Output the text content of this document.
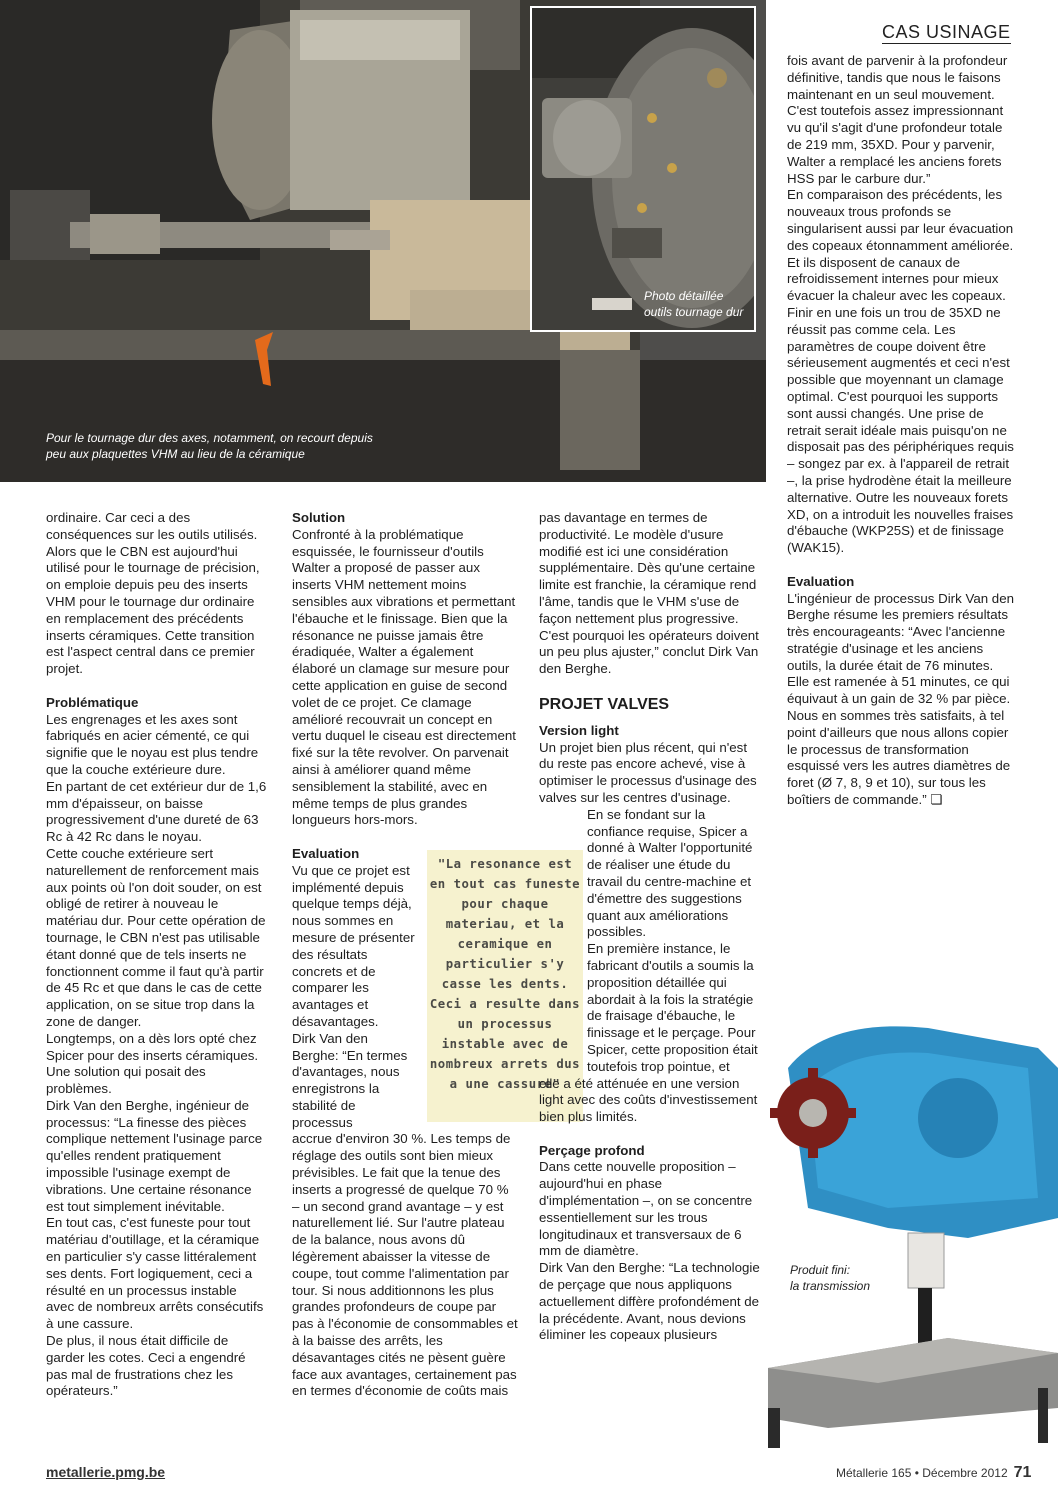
Pour le tournage dur des axes, notamment, on recourt depuis peu aux plaquettes VHM au lieu de la céramique
Photo détaillée
outils tournage dur
CAS USINAGE

fois avant de parvenir à la profondeur définitive, tandis que nous le faisons maintenant en un seul mouvement. C'est toutefois assez impressionnant vu qu'il s'agit d'une profondeur totale de 219 mm, 35XD. Pour y parvenir, Walter a remplacé les anciens forets HSS par le carbure dur.”

En comparaison des précédents, les nouveaux trous profonds se singularisent aussi par leur évacuation des copeaux étonnamment améliorée. Et ils disposent de canaux de refroidissement internes pour mieux évacuer la chaleur avec les copeaux.

Finir en une fois un trou de 35XD ne réussit pas comme cela. Les paramètres de coupe doivent être sérieusement augmentés et ceci n'est possible que moyennant un clamage optimal. C'est pourquoi les supports sont aussi changés. Une prise de retrait serait idéale mais puisqu'on ne disposait pas des périphériques requis – songez par ex. à l'appareil de retrait –, la prise hydrodène était la meilleure alternative. Outre les nouveaux forets XD, on a introduit les nouvelles fraises d'ébauche (WKP25S) et de finissage (WAK15).

Evaluation

L'ingénieur de processus Dirk Van den Berghe résume les premiers résultats très encourageants: “Avec l'ancienne stratégie d'usinage et les anciens outils, la durée était de 76 minutes. Elle est ramenée à 51 minutes, ce qui équivaut à un gain de 32 % par pièce. Nous en sommes très satisfaits, à tel point d'ailleurs que nous allons copier le processus de transformation esquissé vers les autres diamètres de foret (Ø 7, 8, 9 et 10), sur tous les boîtiers de commande.” ❏

ordinaire. Car ceci a des conséquences sur les outils utilisés. Alors que le CBN est aujourd'hui utilisé pour le tournage de précision, on emploie depuis peu des inserts VHM pour le tournage dur ordinaire en remplacement des précédents inserts céramiques. Cette transition est l'aspect central dans ce premier projet.

Problématique

Les engrenages et les axes sont fabriqués en acier cémenté, ce qui signifie que le noyau est plus tendre que la couche extérieure dure.

En partant de cet extérieur dur de 1,6 mm d'épaisseur, on baisse progressivement d'une dureté de 63 Rc à 42 Rc dans le noyau.

Cette couche extérieure sert naturellement de renforcement mais aux points où l'on doit souder, on est obligé de retirer à nouveau le matériau dur. Pour cette opération de tournage, le CBN n'est pas utilisable étant donné que de tels inserts ne fonctionnent comme il faut qu'à partir de 45 Rc et que dans le cas de cette application, on se situe trop dans la zone de danger.

Longtemps, on a dès lors opté chez Spicer pour des inserts céramiques. Une solution qui posait des problèmes.

Dirk Van den Berghe, ingénieur de processus: “La finesse des pièces complique nettement l'usinage parce qu'elles rendent pratiquement impossible l'usinage exempt de vibrations. Une certaine résonance est tout simplement inévitable.

En tout cas, c'est funeste pour tout matériau d'outillage, et la céramique en particulier s'y casse littéralement ses dents. Fort logiquement, ceci a résulté en un processus instable avec de nombreux arrêts consécutifs à une cassure.

De plus, il nous était difficile de garder les cotes. Ceci a engendré pas mal de frustrations chez les opérateurs.”

Solution

Confronté à la problématique esquissée, le fournisseur d'outils Walter a proposé de passer aux inserts VHM nettement moins sensibles aux vibrations et permettant l'ébauche et le finissage. Bien que la résonance ne puisse jamais être éradiquée, Walter a également élaboré un clamage sur mesure pour cette application en guise de second volet de ce projet. Ce clamage amélioré recouvrait un concept en vertu duquel le ciseau est directement fixé sur la tête revolver. On parvenait ainsi à améliorer quand même sensiblement la stabilité, avec en même temps de plus grandes longueurs hors-mors.

Evaluation

Vu que ce projet est implémenté depuis quelque temps déjà, nous sommes en mesure de présenter des résultats concrets et de comparer les avantages et désavantages.

Dirk Van den Berghe: “En termes d'avantages, nous enregistrons la stabilité de processus

accrue d'environ 30 %. Les temps de réglage des outils sont bien mieux prévisibles. Le fait que la tenue des inserts a progressé de quelque 70 % – un second grand avantage – y est naturellement lié. Sur l'autre plateau de la balance, nous avons dû légèrement abaisser la vitesse de coupe, tout comme l'alimentation par tour. Si nous additionnons les plus grandes profondeurs de coupe par pas à l'économie de consommables et à la baisse des arrêts, les désavantages cités ne pèsent guère face aux avantages, certainement pas en termes d'économie de coûts mais

"La resonance est en tout cas funeste pour chaque materiau, et la ceramique en particulier s'y casse les dents. Ceci a resulte dans un processus instable avec de nombreux arrets dus a une cassure"

pas davantage en termes de productivité. Le modèle d'usure modifié est ici une considération supplémentaire. Dès qu'une certaine limite est franchie, la céramique rend l'âme, tandis que le VHM s'use de façon nettement plus progressive. C'est pourquoi les opérateurs doivent un peu plus ajuster,” conclut Dirk Van den Berghe.

PROJET VALVES
Version light

Un projet bien plus récent, qui n'est du reste pas encore achevé, vise à optimiser le processus d'usinage des valves sur les centres d'usinage.

En se fondant sur la confiance requise, Spicer a donné à Walter l'opportunité de réaliser une étude du travail du centre-machine et d'émettre des suggestions quant aux améliorations possibles.

En première instance, le fabricant d'outils a soumis la proposition détaillée qui abordait à la fois la stratégie de fraisage d'ébauche, le finissage et le perçage. Pour Spicer, cette proposition était toutefois trop pointue, et

elle a été atténuée en une version light avec des coûts d'investissement bien plus limités.

Perçage profond

Dans cette nouvelle proposition – aujourd'hui en phase d'implémentation –, on se concentre essentiellement sur les trous longitudinaux et transversaux de 6 mm de diamètre.

Dirk Van den Berghe: “La technologie de perçage que nous appliquons actuellement diffère profondément de la précédente. Avant, nous devions éliminer les copeaux plusieurs

Produit fini:
la transmission
metallerie.pmg.be	Métallerie 165 • Décembre 2012 71
